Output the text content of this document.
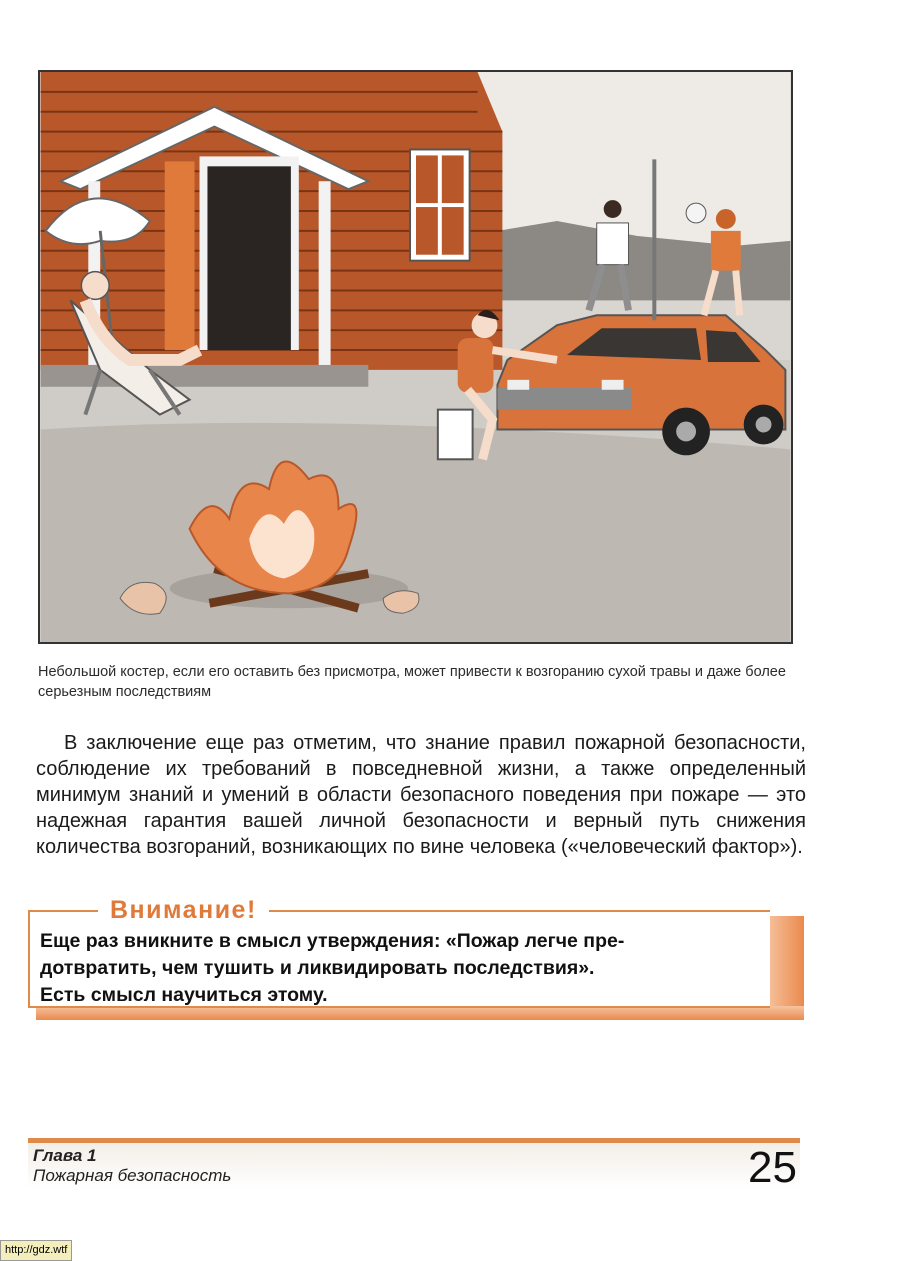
Небольшой костер, если его оставить без присмотра, может привести к возгоранию сухой травы и даже более серьезным последствиям

В заключение еще раз отметим, что знание правил пожарной безопасности, соблюдение их требований в повседневной жизни, а также определенный минимум знаний и умений в области безопасного поведения при пожаре — это надежная гарантия вашей личной безопасности и верный путь снижения количества возгораний, возникающих по вине человека («человеческий фактор»).

Внимание!
Еще раз вникните в смысл утверждения: «Пожар легче пре-
дотвратить, чем тушить и ликвидировать последствия».
Есть смысл научиться этому.
Глава 1
Пожарная безопасность	25
http://gdz.wtf
